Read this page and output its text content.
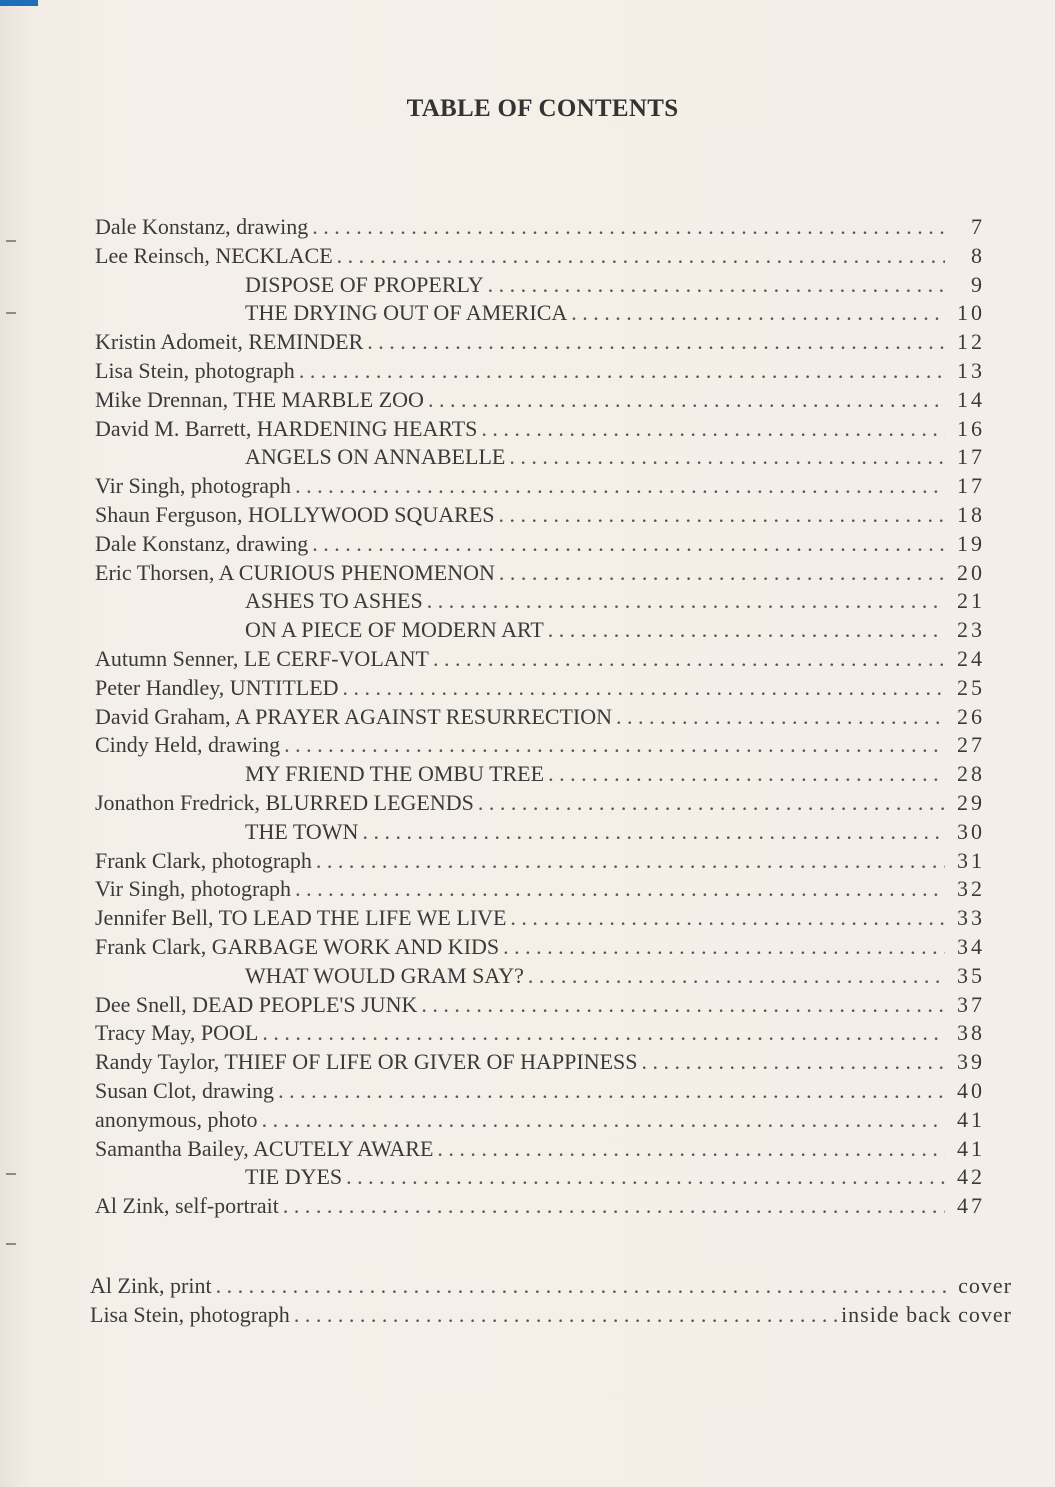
TABLE OF CONTENTS
Dale Konstanz, drawing . . .	7
Lee Reinsch, NECKLACE . . .	8
DISPOSE OF PROPERLY . . .	9
THE DRYING OUT OF AMERICA . . .	10
Kristin Adomeit, REMINDER . . .	12
Lisa Stein, photograph . . .	13
Mike Drennan, THE MARBLE ZOO . . .	14
David M. Barrett, HARDENING HEARTS . . .	16
ANGELS ON ANNABELLE . . .	17
Vir Singh, photograph . . .	17
Shaun Ferguson, HOLLYWOOD SQUARES . . .	18
Dale Konstanz, drawing . . .	19
Eric Thorsen, A CURIOUS PHENOMENON . . .	20
ASHES TO ASHES . . .	21
ON A PIECE OF MODERN ART . . .	23
Autumn Senner, LE CERF-VOLANT . . .	24
Peter Handley, UNTITLED . . .	25
David Graham, A PRAYER AGAINST RESURRECTION . . .	26
Cindy Held, drawing . . .	27
MY FRIEND THE OMBU TREE . . .	28
Jonathon Fredrick, BLURRED LEGENDS . . .	29
THE TOWN . . .	30
Frank Clark, photograph . . .	31
Vir Singh, photograph . . .	32
Jennifer Bell, TO LEAD THE LIFE WE LIVE . . .	33
Frank Clark, GARBAGE WORK AND KIDS . . .	34
WHAT WOULD GRAM SAY? . . .	35
Dee Snell, DEAD PEOPLE'S JUNK . . .	37
Tracy May, POOL . . .	38
Randy Taylor, THIEF OF LIFE OR GIVER OF HAPPINESS . . .	39
Susan Clot, drawing . . .	40
anonymous, photo . . .	41
Samantha Bailey, ACUTELY AWARE . . .	41
TIE DYES . . .	42
Al Zink, self-portrait . . .	47
Al Zink, print . . .	cover
Lisa Stein, photograph . . .	inside back cover
